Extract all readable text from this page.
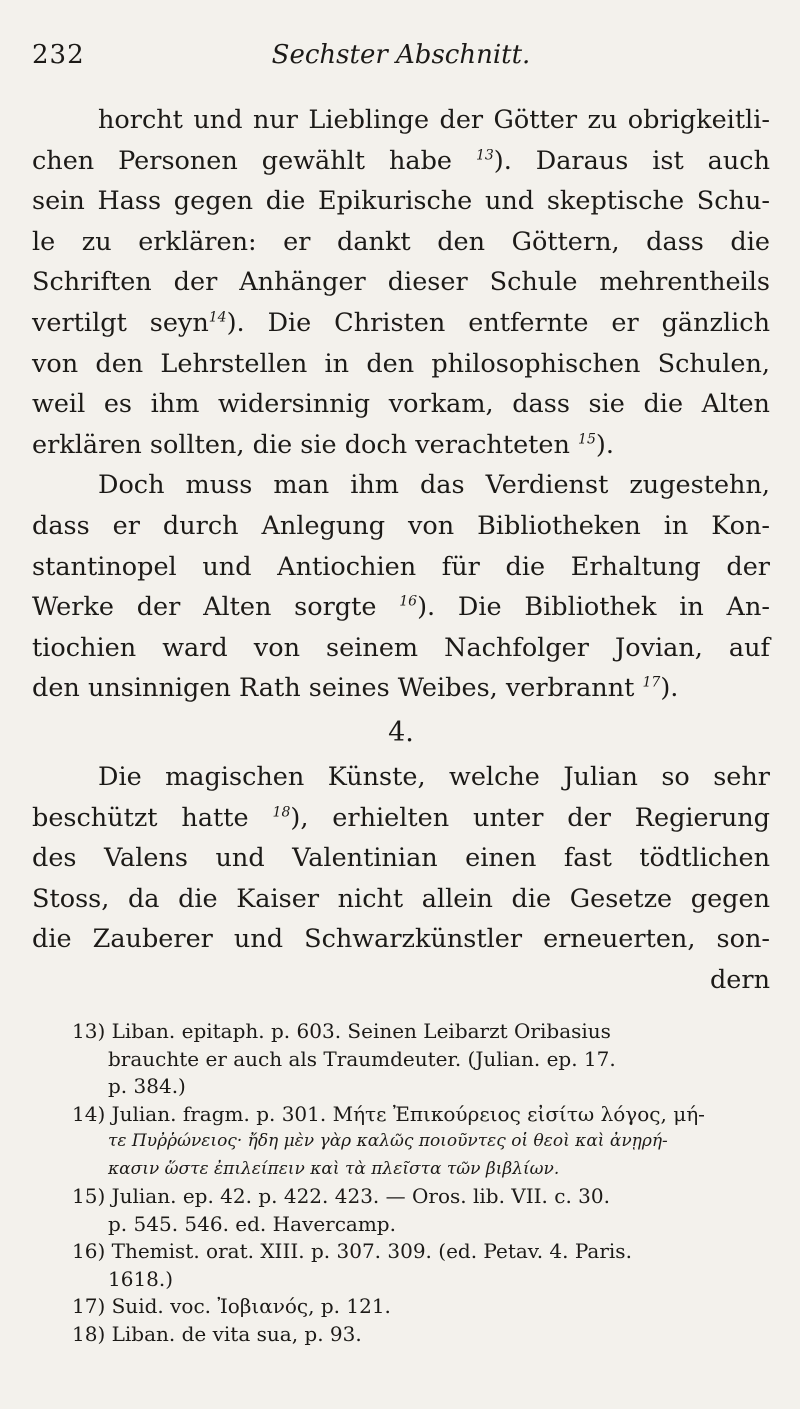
232	Sechster Abschnitt.
horcht und nur Lieblinge der Götter zu obrigkeitli-
chen Personen gewählt habe $^{13}$). Daraus ist auch
sein Hass gegen die Epikurische und skeptische Schu-
le zu erklären: er dankt den Göttern, dass die
Schriften der Anhänger dieser Schule mehrentheils
vertilgt seyn$^{14}$). Die Christen entfernte er gänzlich
von den Lehrstellen in den philosophischen Schulen,
weil es ihm widersinnig vorkam, dass sie die Alten
erklären sollten, die sie doch verachteten $^{15}$).
Doch muss man ihm das Verdienst zugestehn,
dass er durch Anlegung von Bibliotheken in Kon-
stantinopel und Antiochien für die Erhaltung der
Werke der Alten sorgte $^{16}$). Die Bibliothek in An-
tiochien ward von seinem Nachfolger Jovian, auf
den unsinnigen Rath seines Weibes, verbrannt $^{17}$).
4.
Die magischen Künste, welche Julian so sehr
beschützt hatte $^{18}$), erhielten unter der Regierung
des Valens und Valentinian einen fast tödtlichen
Stoss, da die Kaiser nicht allein die Gesetze gegen
die Zauberer und Schwarzkünstler erneuerten, son-
dern
13) Liban. epitaph. p. 603. Seinen Leibarzt Oribasius
brauchte er auch als Traumdeuter. (Julian. ep. 17.
p. 384.)
14) Julian. fragm. p. 301. Μήτε Ἐπικούρειος εἰσίτω λόγος, μή-
τε Πυῤῥώνειος· ἤδη μὲν γὰρ καλῶς ποιοῦντες οἱ θεοὶ καὶ ἀνῃρή-
κασιν ὥστε ἐπιλείπειν καὶ τὰ πλεῖστα τῶν βιβλίων.
15) Julian. ep. 42. p. 422. 423. — Oros. lib. VII. c. 30.
p. 545. 546. ed. Havercamp.
16) Themist. orat. XIII. p. 307. 309. (ed. Petav. 4. Paris.
1618.)
17) Suid. voc. Ἰοβιανός, p. 121.
18) Liban. de vita sua, p. 93.
